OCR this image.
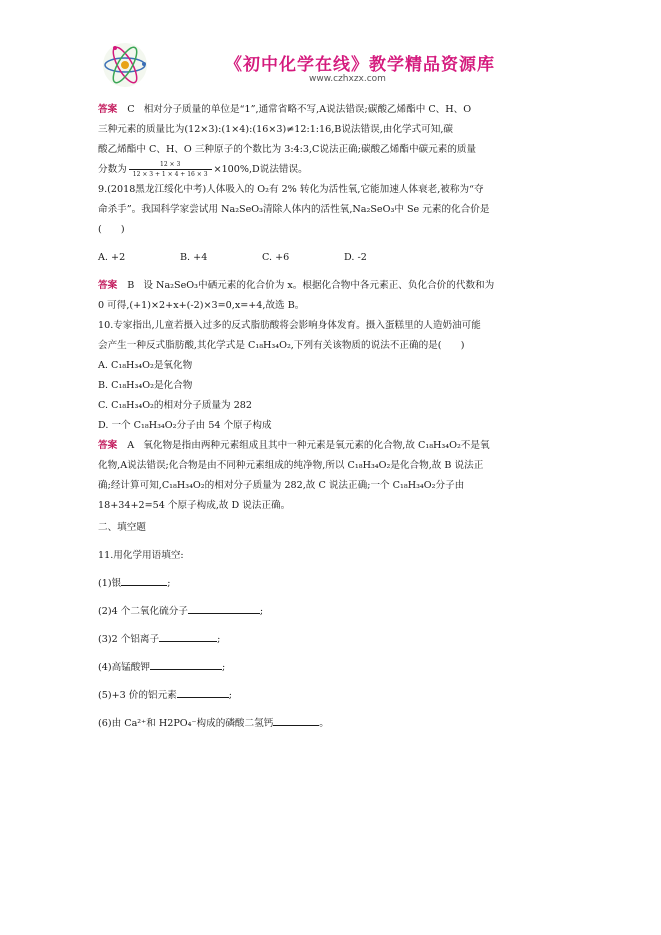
《初中化学在线》教学精品资源库
www.czhxzx.com
答案 C 相对分子质量的单位是“1”,通常省略不写,A说法错误;碳酸乙烯酯中 C、H、O
三种元素的质量比为(12×3):(1×4):(16×3)≠12:1:16,B说法错误,由化学式可知,碳
酸乙烯酯中 C、H、O 三种原子的个数比为 3:4:3,C说法正确;碳酸乙烯酯中碳元素的质量
分数为 $\frac{12 \times 3}{12 \times 3 + 1 \times 4 + 16 \times 3} \times 100\%,D$说法错误。
9.(2018黑龙江绥化中考)人体吸入的 O₂有 2% 转化为活性氧,它能加速人体衰老,被称为“夺
命杀手”。我国科学家尝试用 Na₂SeO₃清除人体内的活性氧,Na₂SeO₃中 Se 元素的化合价是
(　　)
A. +2	B. +4	C. +6	D. -2
答案 B 设 Na₂SeO₃中硒元素的化合价为 x。根据化合物中各元素正、负化合价的代数和为
0 可得,(+1)×2+x+(-2)×3=0,x=+4,故选 B。
10.专家指出,儿童若摄入过多的反式脂肪酸将会影响身体发育。摄入蛋糕里的人造奶油可能
会产生一种反式脂肪酸,其化学式是 C₁₈H₃₄O₂,下列有关该物质的说法不正确的是(　　)
A. C₁₈H₃₄O₂是氧化物
B. C₁₈H₃₄O₂是化合物
C. C₁₈H₃₄O₂的相对分子质量为 282
D. 一个 C₁₈H₃₄O₂分子由 54 个原子构成
答案 A 氧化物是指由两种元素组成且其中一种元素是氧元素的化合物,故 C₁₈H₃₄O₂不是氧
化物,A说法错误;化合物是由不同种元素组成的纯净物,所以 C₁₈H₃₄O₂是化合物,故 B 说法正
确;经计算可知,C₁₈H₃₄O₂的相对分子质量为 282,故 C 说法正确;一个 C₁₈H₃₄O₂分子由
18+34+2=54 个原子构成,故 D 说法正确。
二、填空题
11.用化学用语填空:
(1)银	;
(2)4 个二氧化硫分子	;
(3)2 个铝离子	;
(4)高锰酸钾	;
(5)+3 价的铝元素	;
(6)由 Ca²⁺和 H2PO₄⁻构成的磷酸二氢钙	。
